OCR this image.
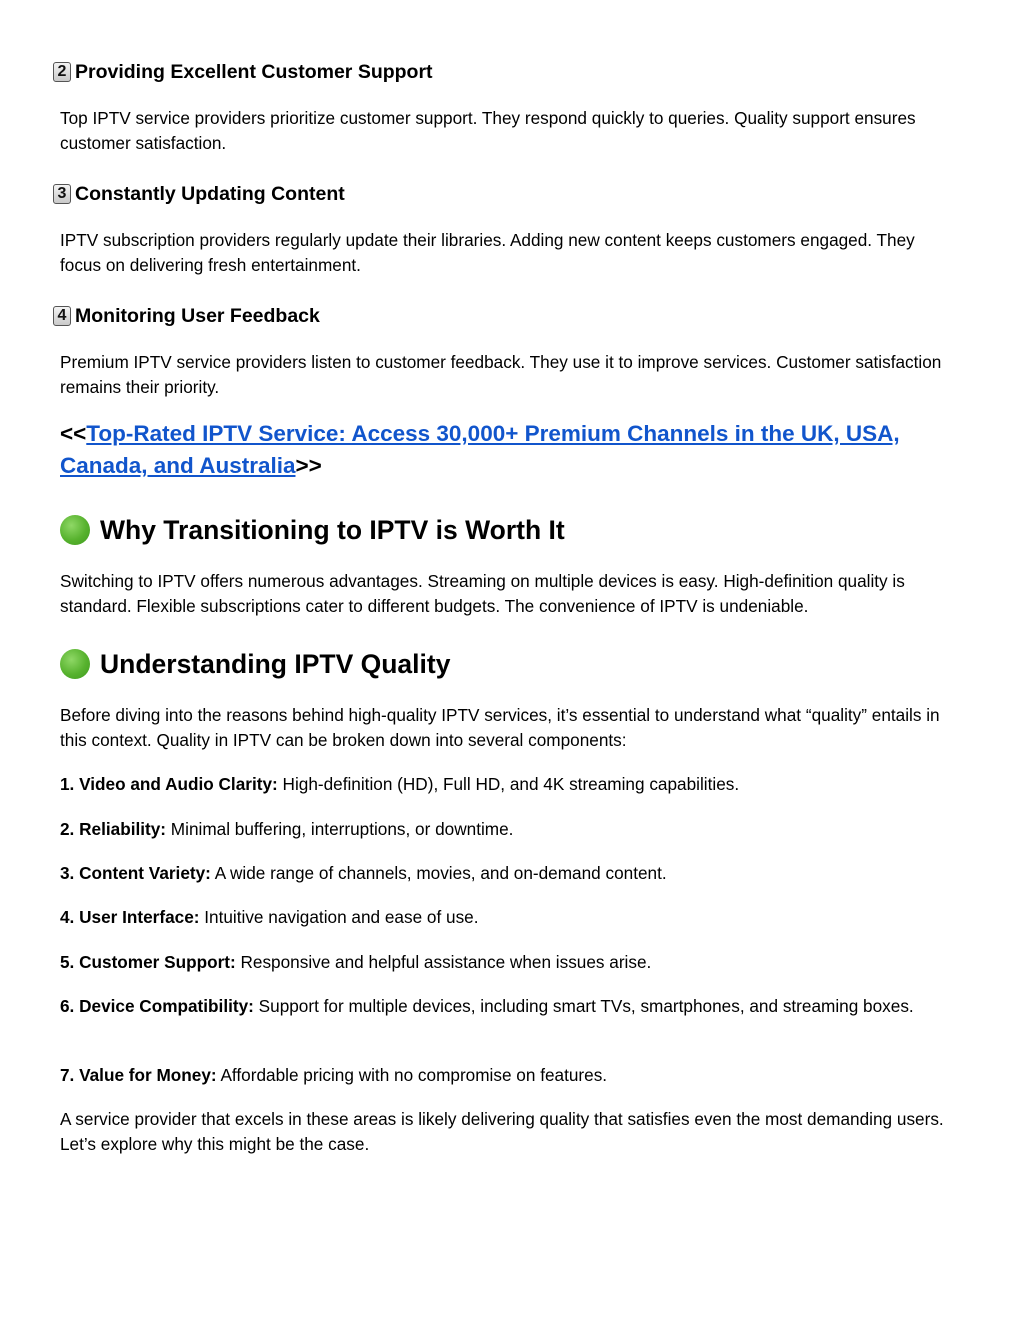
2 Providing Excellent Customer Support

Top IPTV service providers prioritize customer support. They respond quickly to queries. Quality support ensures customer satisfaction.

3 Constantly Updating Content

IPTV subscription providers regularly update their libraries. Adding new content keeps customers engaged. They focus on delivering fresh entertainment.

4 Monitoring User Feedback

Premium IPTV service providers listen to customer feedback. They use it to improve services. Customer satisfaction remains their priority.

<<Top-Rated IPTV Service: Access 30,000+ Premium Channels in the UK, USA, Canada, and Australia>>

Why Transitioning to IPTV is Worth It

Switching to IPTV offers numerous advantages. Streaming on multiple devices is easy. High-definition quality is standard. Flexible subscriptions cater to different budgets. The convenience of IPTV is undeniable.

Understanding IPTV Quality

Before diving into the reasons behind high-quality IPTV services, it’s essential to understand what “quality” entails in this context. Quality in IPTV can be broken down into several components:

1. Video and Audio Clarity: High-definition (HD), Full HD, and 4K streaming capabilities.

2. Reliability: Minimal buffering, interruptions, or downtime.

3. Content Variety: A wide range of channels, movies, and on-demand content.

4. User Interface: Intuitive navigation and ease of use.

5. Customer Support: Responsive and helpful assistance when issues arise.

6. Device Compatibility: Support for multiple devices, including smart TVs, smartphones, and streaming boxes.

7. Value for Money: Affordable pricing with no compromise on features.

A service provider that excels in these areas is likely delivering quality that satisfies even the most demanding users. Let’s explore why this might be the case.
